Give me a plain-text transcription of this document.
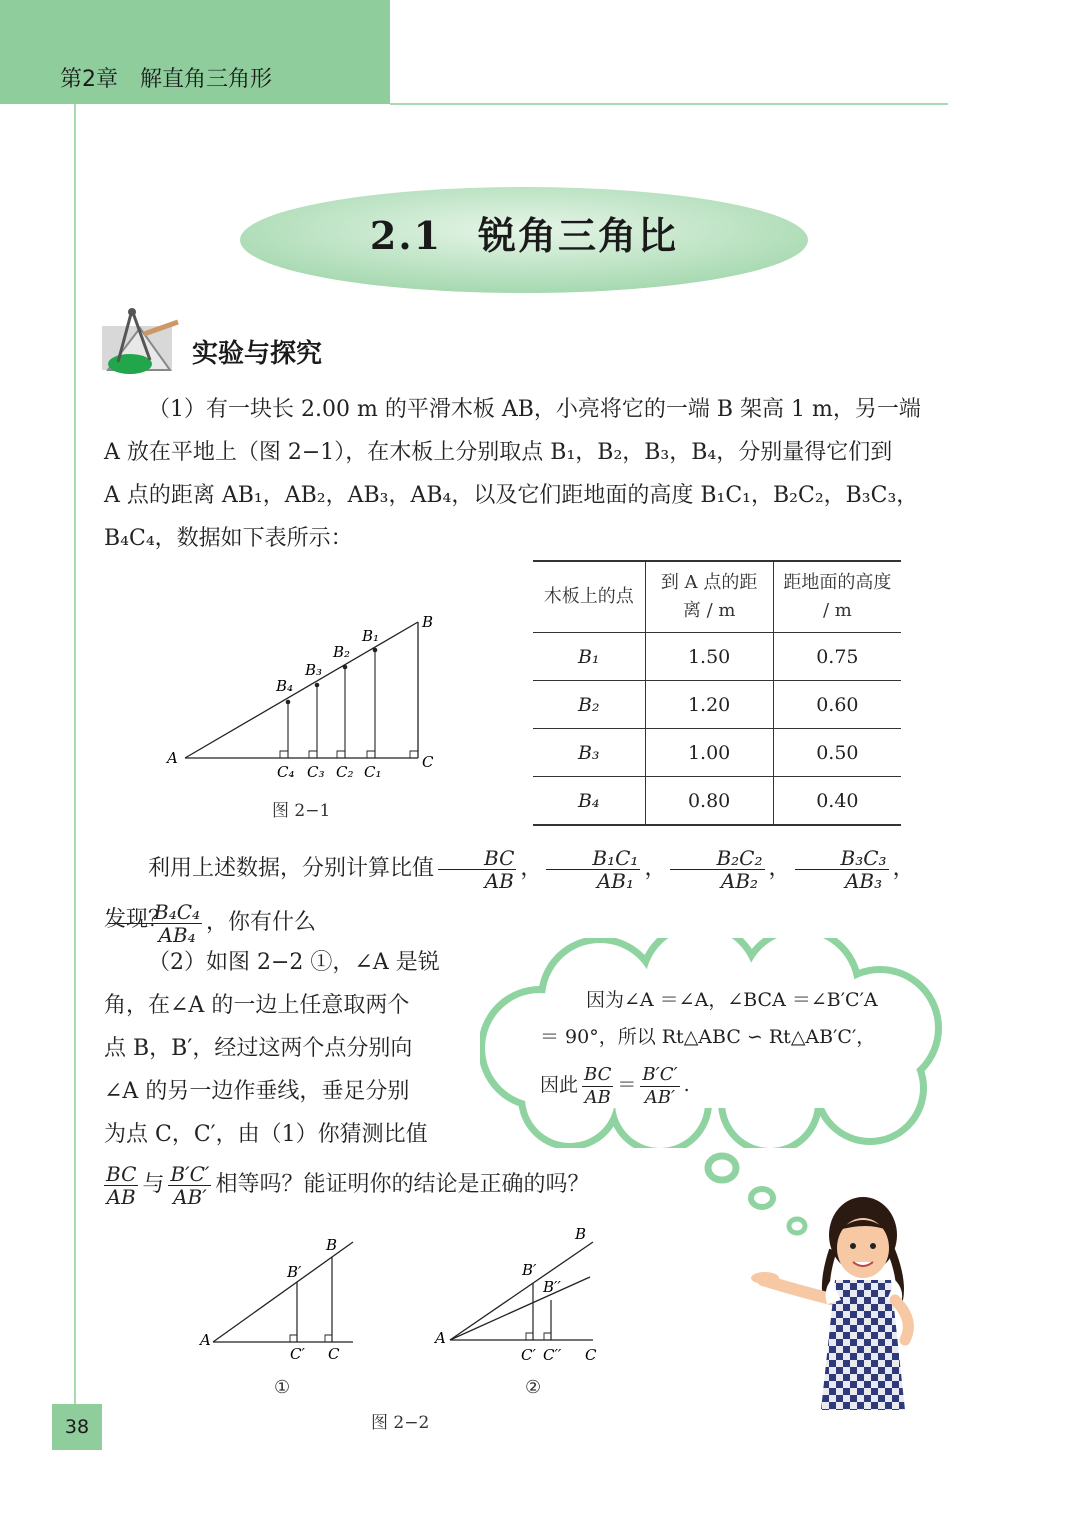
第2章　解直角三角形
2.1 锐角三角比
实验与探究
（1）有一块长 2.00 m 的平滑木板 AB，小亮将它的一端 B 架高 1 m，另一端
A 放在平地上（图 2−1），在木板上分别取点 B₁，B₂，B₃，B₄，分别量得它们到
A 点的距离 AB₁，AB₂，AB₃，AB₄，以及它们距地面的高度 B₁C₁，B₂C₂，B₃C₃，
B₄C₄，数据如下表所示：
A
B
C
B₁
B₂
B₃
B₄
C₁
C₂
C₃
C₄
图 2−1
木板上的点	到 A 点的距离 / m	距地面的高度 / m
B₁	1.50	0.75
B₂	1.20	0.60
B₃	1.00	0.50
B₄	0.80	0.40
利用上述数据，分别计算比值 $\frac{BC}{AB}$ ， $\frac{\text{B₁C₁}}{\text{AB₁}}$ ， $\frac{\text{B₂C₂}}{\text{AB₂}}$ ， $\frac{\text{B₃C₃}}{\text{AB₃}}$ ，
$\frac{\text{B₄C₄}}{\text{AB₄}}$ ，你有什么
发现？
（2）如图 2−2 ①，∠A 是锐
角，在∠A 的一边上任意取两个
点 B，B′，经过这两个点分别向
∠A 的另一边作垂线，垂足分别
为点 C，C′，由（1）你猜测比值
$\frac{BC}{AB}$ 与 $\frac{B'C'}{AB'}$ 相等吗？能证明你的结论是正确的吗？
因为∠A ＝∠A，∠BCA ＝∠B′C′A
＝ 90°，所以 Rt△ABC ∽ Rt△AB′C′，
因此 $\frac{BC}{AB} = \frac{B'C'}{AB'}$ .
A
B
B′
C
C′
A
B
B′
B′′
C
C′ C′′
①	②
图 2−2
38
